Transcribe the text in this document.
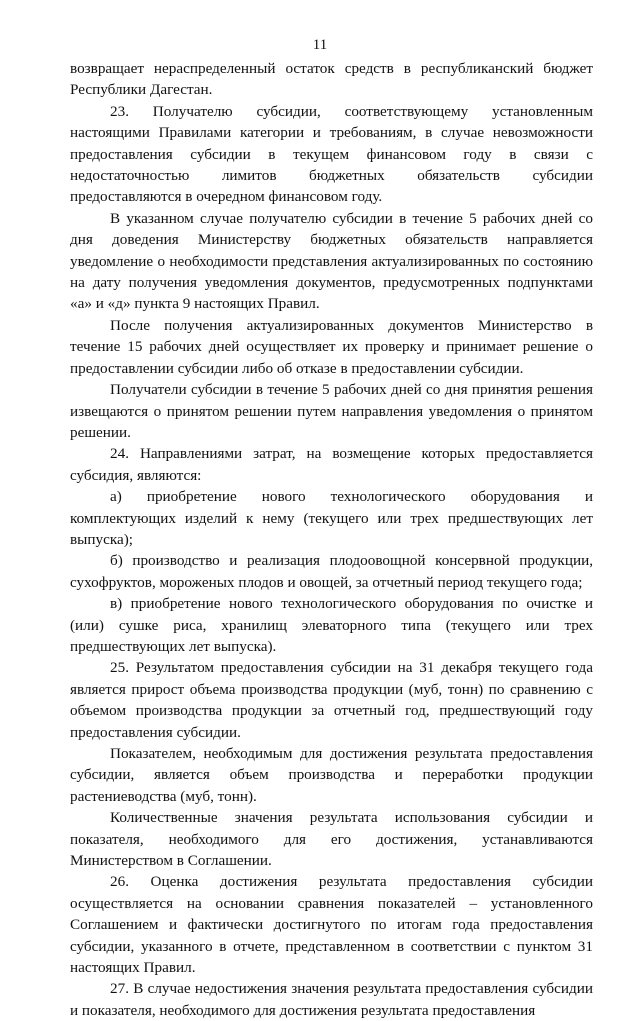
11

возвращает нераспределенный остаток средств в республиканский бюджет Республики Дагестан.

23. Получателю субсидии, соответствующему установленным настоящими Правилами категории и требованиям, в случае невозможности предоставления субсидии в текущем финансовом году в связи с недостаточностью лимитов бюджетных обязательств субсидии предоставляются в очередном финансовом году.

В указанном случае получателю субсидии в течение 5 рабочих дней со дня доведения Министерству бюджетных обязательств направляется уведомление о необходимости представления актуализированных по состоянию на дату получения уведомления документов, предусмотренных подпунктами «а» и «д» пункта 9 настоящих Правил.

После получения актуализированных документов Министерство в течение 15 рабочих дней осуществляет их проверку и принимает решение о предоставлении субсидии либо об отказе в предоставлении субсидии.

Получатели субсидии в течение 5 рабочих дней со дня принятия решения извещаются о принятом решении путем направления уведомления о принятом решении.

24. Направлениями затрат, на возмещение которых предоставляется субсидия, являются:

а) приобретение нового технологического оборудования и комплектующих изделий к нему (текущего или трех предшествующих лет выпуска);

б) производство и реализация плодоовощной консервной продукции, сухофруктов, мороженых плодов и овощей, за отчетный период текущего года;

в) приобретение нового технологического оборудования по очистке и (или) сушке риса, хранилищ элеваторного типа (текущего или трех предшествующих лет выпуска).

25. Результатом предоставления субсидии на 31 декабря текущего года является прирост объема производства продукции (муб, тонн) по сравнению с объемом производства продукции за отчетный год, предшествующий году предоставления субсидии.

Показателем, необходимым для достижения результата предоставления субсидии, является объем производства и переработки продукции растениеводства (муб, тонн).

Количественные значения результата использования субсидии и показателя, необходимого для его достижения, устанавливаются Министерством в Соглашении.

26. Оценка достижения результата предоставления субсидии осуществляется на основании сравнения показателей – установленного Соглашением и фактически достигнутого по итогам года предоставления субсидии, указанного в отчете, представленном в соответствии с пунктом 31 настоящих Правил.

27. В случае недостижения значения результата предоставления субсидии и показателя, необходимого для достижения результата предоставления
